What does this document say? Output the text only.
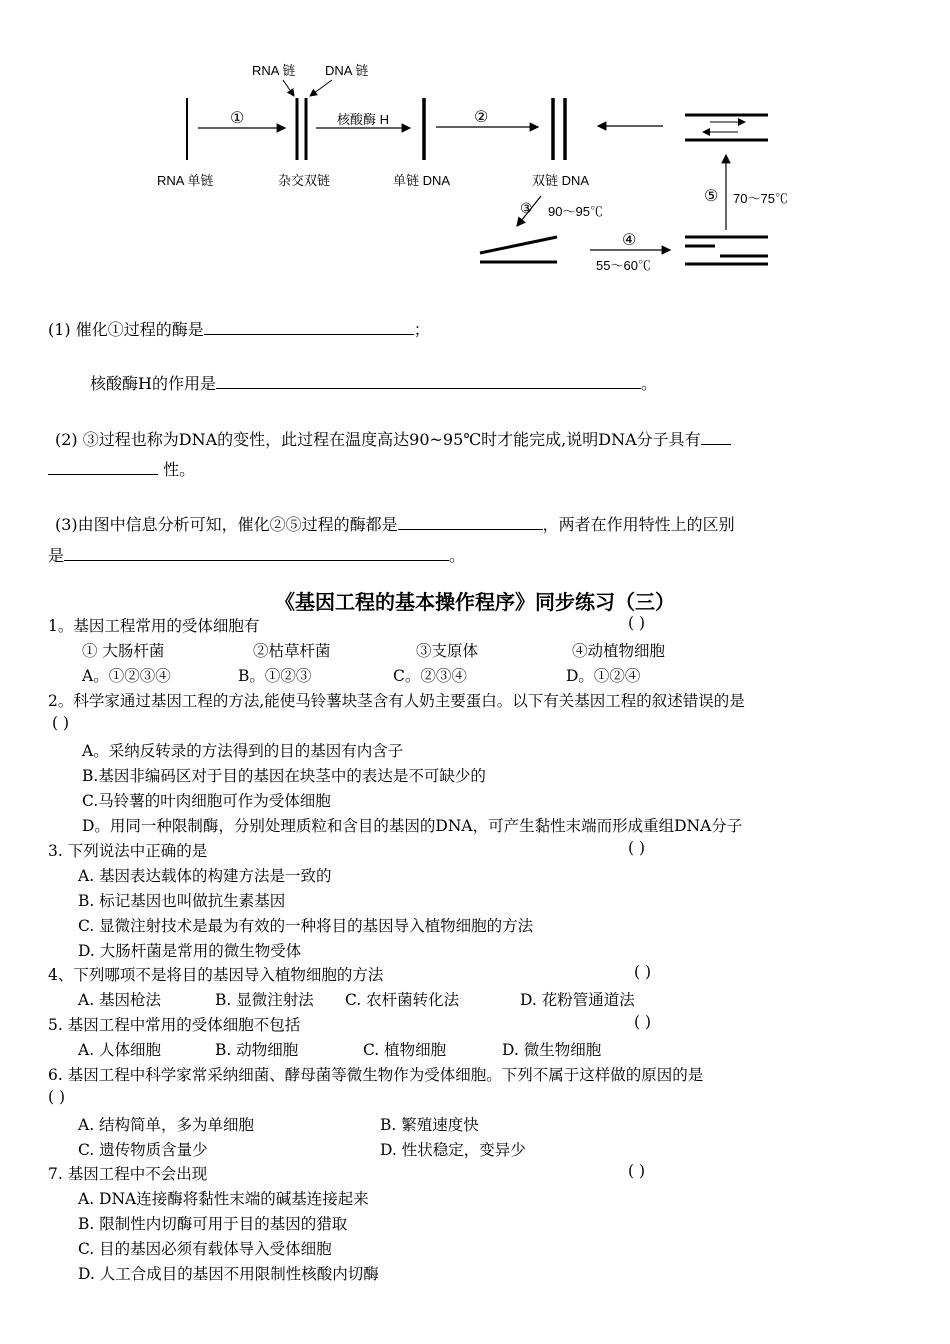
RNA 单链
①
RNA 链 DNA 链
杂交双链
核酸酶 H
单链 DNA
②
双链 DNA
⑤ 70～75℃
③ 90～95℃
④
55～60℃
(1) 催化①过程的酶是	；
核酸酶H的作用是	。
(2) ③过程也称为DNA的变性，此过程在温度高达90~95℃时才能完成,说明DNA分子具有
性。
(3)由图中信息分析可知，催化②⑤过程的酶都是	，两者在作用特性上的区别
是	。
《基因工程的基本操作程序》同步练习（三）
1。基因工程常用的受体细胞有	( )
① 大肠杆菌	②枯草杆菌	③支原体	④动植物细胞
A。①②③④	B。①②③	C。②③④	D。①②④
2。科学家通过基因工程的方法,能使马铃薯块茎含有人奶主要蛋白。以下有关基因工程的叙述错误的是
( )
A。采纳反转录的方法得到的目的基因有内含子
B.基因非编码区对于目的基因在块茎中的表达是不可缺少的
C.马铃薯的叶肉细胞可作为受体细胞
D。用同一种限制酶，分别处理质粒和含目的基因的DNA，可产生黏性末端而形成重组DNA分子
3. 下列说法中正确的是	( )
A. 基因表达载体的构建方法是一致的
B. 标记基因也叫做抗生素基因
C. 显微注射技术是最为有效的一种将目的基因导入植物细胞的方法
D. 大肠杆菌是常用的微生物受体
4、下列哪项不是将目的基因导入植物细胞的方法	( )
A. 基因枪法	B. 显微注射法 C. 农杆菌转化法	D. 花粉管通道法
5. 基因工程中常用的受体细胞不包括	( )
A. 人体细胞	B. 动物细胞	C. 植物细胞	D. 微生物细胞
6. 基因工程中科学家常采纳细菌、酵母菌等微生物作为受体细胞。下列不属于这样做的原因的是
( )
A. 结构简单，多为单细胞	B. 繁殖速度快
C. 遗传物质含量少	D. 性状稳定，变异少
7. 基因工程中不会出现	( )
A. DNA连接酶将黏性末端的碱基连接起来
B. 限制性内切酶可用于目的基因的猎取
C. 目的基因必须有载体导入受体细胞
D. 人工合成目的基因不用限制性核酸内切酶
